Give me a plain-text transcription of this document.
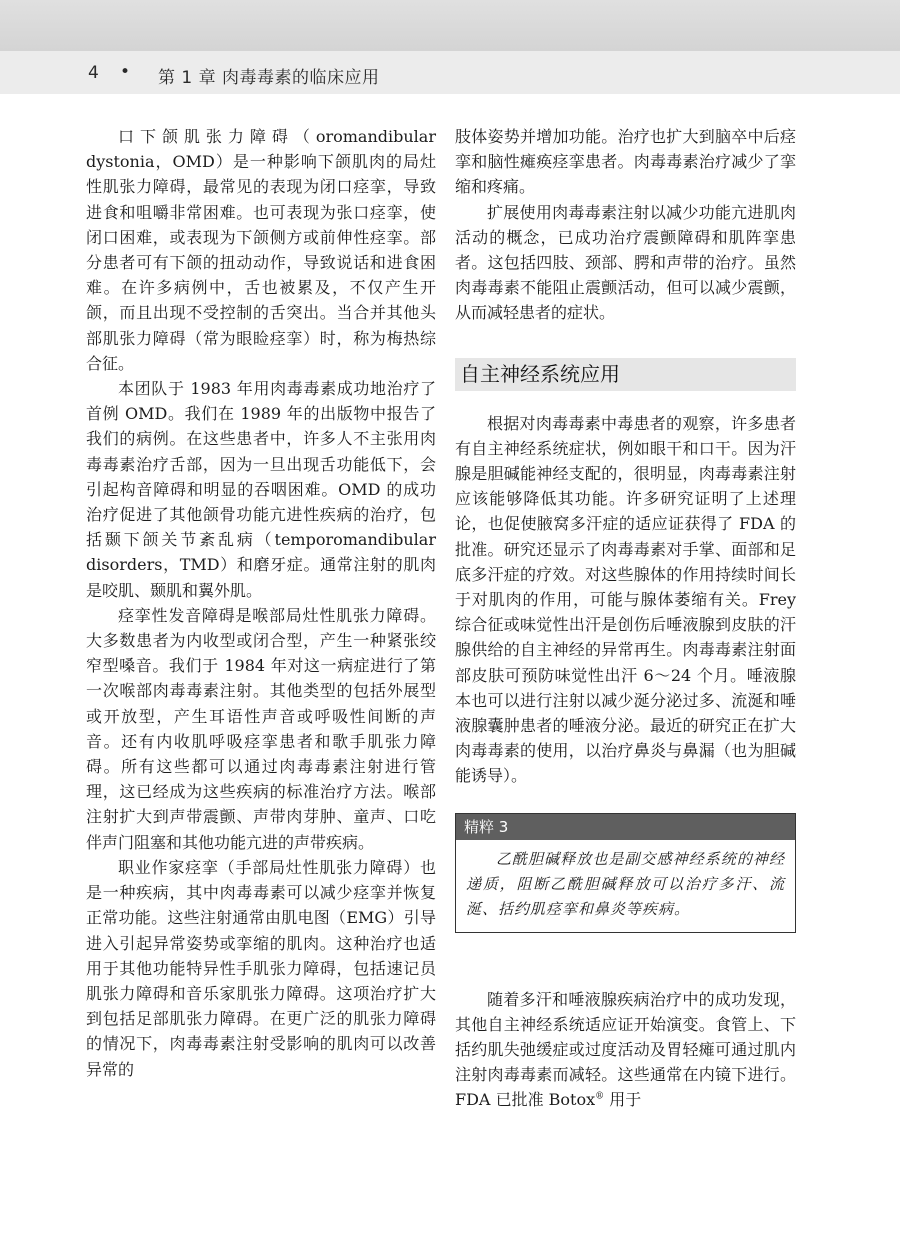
4 • 第 1 章 肉毒毒素的临床应用

口下颌肌张力障碍（oromandibular dystonia，OMD）是一种影响下颌肌肉的局灶性肌张力障碍，最常见的表现为闭口痉挛，导致进食和咀嚼非常困难。也可表现为张口痉挛，使闭口困难，或表现为下颌侧方或前伸性痉挛。部分患者可有下颌的扭动动作，导致说话和进食困难。在许多病例中，舌也被累及，不仅产生开颌，而且出现不受控制的舌突出。当合并其他头部肌张力障碍（常为眼睑痉挛）时，称为梅热综合征。

本团队于 1983 年用肉毒毒素成功地治疗了首例 OMD。我们在 1989 年的出版物中报告了我们的病例。在这些患者中，许多人不主张用肉毒毒素治疗舌部，因为一旦出现舌功能低下，会引起构音障碍和明显的吞咽困难。OMD 的成功治疗促进了其他颌骨功能亢进性疾病的治疗，包括颞下颌关节紊乱病（temporomandibular disorders，TMD）和磨牙症。通常注射的肌肉是咬肌、颞肌和翼外肌。

痉挛性发音障碍是喉部局灶性肌张力障碍。大多数患者为内收型或闭合型，产生一种紧张绞窄型嗓音。我们于 1984 年对这一病症进行了第一次喉部肉毒毒素注射。其他类型的包括外展型或开放型，产生耳语性声音或呼吸性间断的声音。还有内收肌呼吸痉挛患者和歌手肌张力障碍。所有这些都可以通过肉毒毒素注射进行管理，这已经成为这些疾病的标准治疗方法。喉部注射扩大到声带震颤、声带肉芽肿、童声、口吃伴声门阻塞和其他功能亢进的声带疾病。

职业作家痉挛（手部局灶性肌张力障碍）也是一种疾病，其中肉毒毒素可以减少痉挛并恢复正常功能。这些注射通常由肌电图（EMG）引导进入引起异常姿势或挛缩的肌肉。这种治疗也适用于其他功能特异性手肌张力障碍，包括速记员肌张力障碍和音乐家肌张力障碍。这项治疗扩大到包括足部肌张力障碍。在更广泛的肌张力障碍的情况下，肉毒毒素注射受影响的肌肉可以改善异常的

肢体姿势并增加功能。治疗也扩大到脑卒中后痉挛和脑性瘫痪痉挛患者。肉毒毒素治疗减少了挛缩和疼痛。

扩展使用肉毒毒素注射以减少功能亢进肌肉活动的概念，已成功治疗震颤障碍和肌阵挛患者。这包括四肢、颈部、腭和声带的治疗。虽然肉毒毒素不能阻止震颤活动，但可以减少震颤，从而减轻患者的症状。

自主神经系统应用

根据对肉毒毒素中毒患者的观察，许多患者有自主神经系统症状，例如眼干和口干。因为汗腺是胆碱能神经支配的，很明显，肉毒毒素注射应该能够降低其功能。许多研究证明了上述理论，也促使腋窝多汗症的适应证获得了 FDA 的批准。研究还显示了肉毒毒素对手掌、面部和足底多汗症的疗效。对这些腺体的作用持续时间长于对肌肉的作用，可能与腺体萎缩有关。Frey 综合征或味觉性出汗是创伤后唾液腺到皮肤的汗腺供给的自主神经的异常再生。肉毒毒素注射面部皮肤可预防味觉性出汗 6～24 个月。唾液腺本也可以进行注射以减少涎分泌过多、流涎和唾液腺囊肿患者的唾液分泌。最近的研究正在扩大肉毒毒素的使用，以治疗鼻炎与鼻漏（也为胆碱能诱导）。

精粹 3
乙酰胆碱释放也是副交感神经系统的神经递质，阻断乙酰胆碱释放可以治疗多汗、流涎、括约肌痉挛和鼻炎等疾病。

随着多汗和唾液腺疾病治疗中的成功发现，其他自主神经系统适应证开始演变。食管上、下括约肌失弛缓症或过度活动及胃轻瘫可通过肌内注射肉毒毒素而减轻。这些通常在内镜下进行。FDA 已批准 Botox® 用于
